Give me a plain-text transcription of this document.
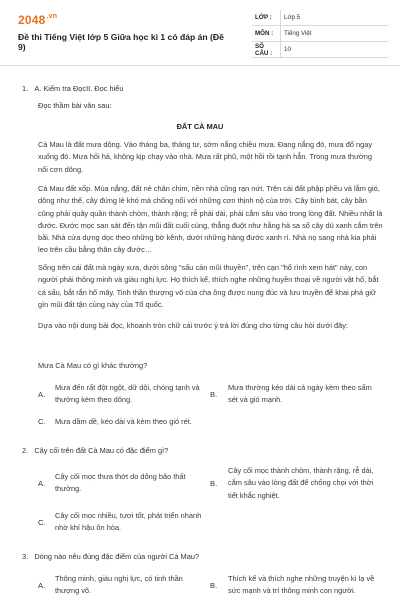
$2048^{.vn}$
Đề thi Tiếng Việt lớp 5 Giữa học kì 1 có đáp án (Đề 9)
LỚP :	Lớp 5
MÔN :	Tiếng Việt
SỐ CÂU :	10
1. A. Kiểm tra ĐọcII. Đọc hiểu
Đọc thầm bài văn sau:
ĐẤT CÀ MAU
Cà Mau là đất mưa dông. Vào tháng ba, tháng tư, sớm nắng chiều mưa. Đang nắng đó, mưa đổ ngay xuống đó. Mưa hối hả, không kịp chạy vào nhà. Mưa rất phũ, một hồi rồi tạnh hẳn. Trong mưa thường nổi cơn dông.
Cà Mau đất xốp. Mùa nắng, đất nẻ chân chim, nền nhà cũng rạn nứt. Trên cái đất phập phều và lắm gió, dông như thế, cây đứng lẻ khó mà chống nổi với những cơn thịnh nộ của trời. Cây bình bát, cây bần cũng phải quây quần thành chòm, thành rặng; rễ phải dài, phải cắm sâu vào trong lòng đất. Nhiều nhất là đước. Đước mọc san sát đến tận mũi đất cuối cùng, thẳng đuột như hằng hà sa số cây dù xanh cắm trên bãi. Nhà cửa dựng dọc theo những bờ kênh, dưới những hàng đước xanh rì. Nhà nọ sang nhà kia phải leo trên cầu bằng thân cây đước…
Sống trên cái đất mà ngày xưa, dưới sông "sấu cản mũi thuyền", trên cạn "hổ rình xem hát" này, con người phải thông minh và giàu nghị lực. Họ thích kể, thích nghe những huyền thoại về người vật hổ, bắt cá sấu, bắt rắn hổ mây. Tinh thần thượng võ của cha ông được nung đúc và lưu truyền để khai phá giữ gìn mũi đất tận cùng này của Tổ quốc.
Dựa vào nội dung bài đọc, khoanh tròn chữ cái trước ý trả lời đúng cho từng câu hỏi dưới đây:
Mưa Cà Mau có gì khác thường?
A.
Mưa đến rất đột ngột, dữ dội, chóng tạnh và thường kèm theo dông.
B.
Mưa thường kéo dài cả ngày kèm theo sấm sét và gió mạnh.
C. Mưa dầm dề, kéo dài và kèm theo gió rét.
2. Cây cối trên đất Cà Mau có đặc điểm gì?
A.
Cây cối mọc thưa thớt do dông bão thất thường.
B.
Cây cối mọc thành chòm, thành rặng, rễ dài, cắm sâu vào lòng đất để chống chọi với thời tiết khắc nghiệt.
C.
Cây cối mọc nhiều, tươi tốt, phát triển nhanh nhờ khí hậu ôn hòa.
3. Dòng nào nêu đúng đặc điểm của người Cà Mau?
A.
Thông minh, giàu nghị lực, có tinh thần thượng võ.
B.
Thích kể và thích nghe những truyện kì lạ về sức mạnh và trí thông minh con người.
